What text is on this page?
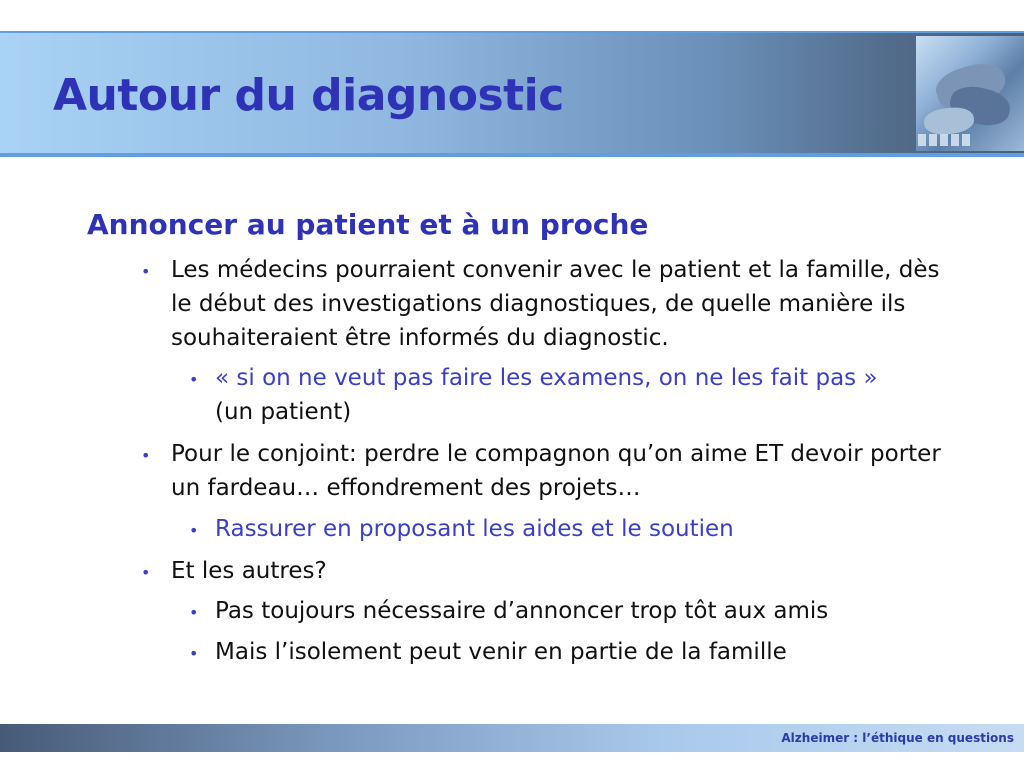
Autour du diagnostic
Annoncer au patient et à un proche
• Les médecins pourraient convenir avec le patient et la famille, dès le début des investigations diagnostiques, de quelle manière ils souhaiteraient être informés du diagnostic.
• « si on ne veut pas faire les examens, on ne les fait pas »
(un patient)
• Pour le conjoint: perdre le compagnon qu’on aime ET devoir porter un fardeau… effondrement des projets…
• Rassurer en proposant les aides et le soutien
• Et les autres?
• Pas toujours nécessaire d’annoncer trop tôt aux amis
• Mais l’isolement peut venir en partie de la famille
Alzheimer : l’éthique en questions
